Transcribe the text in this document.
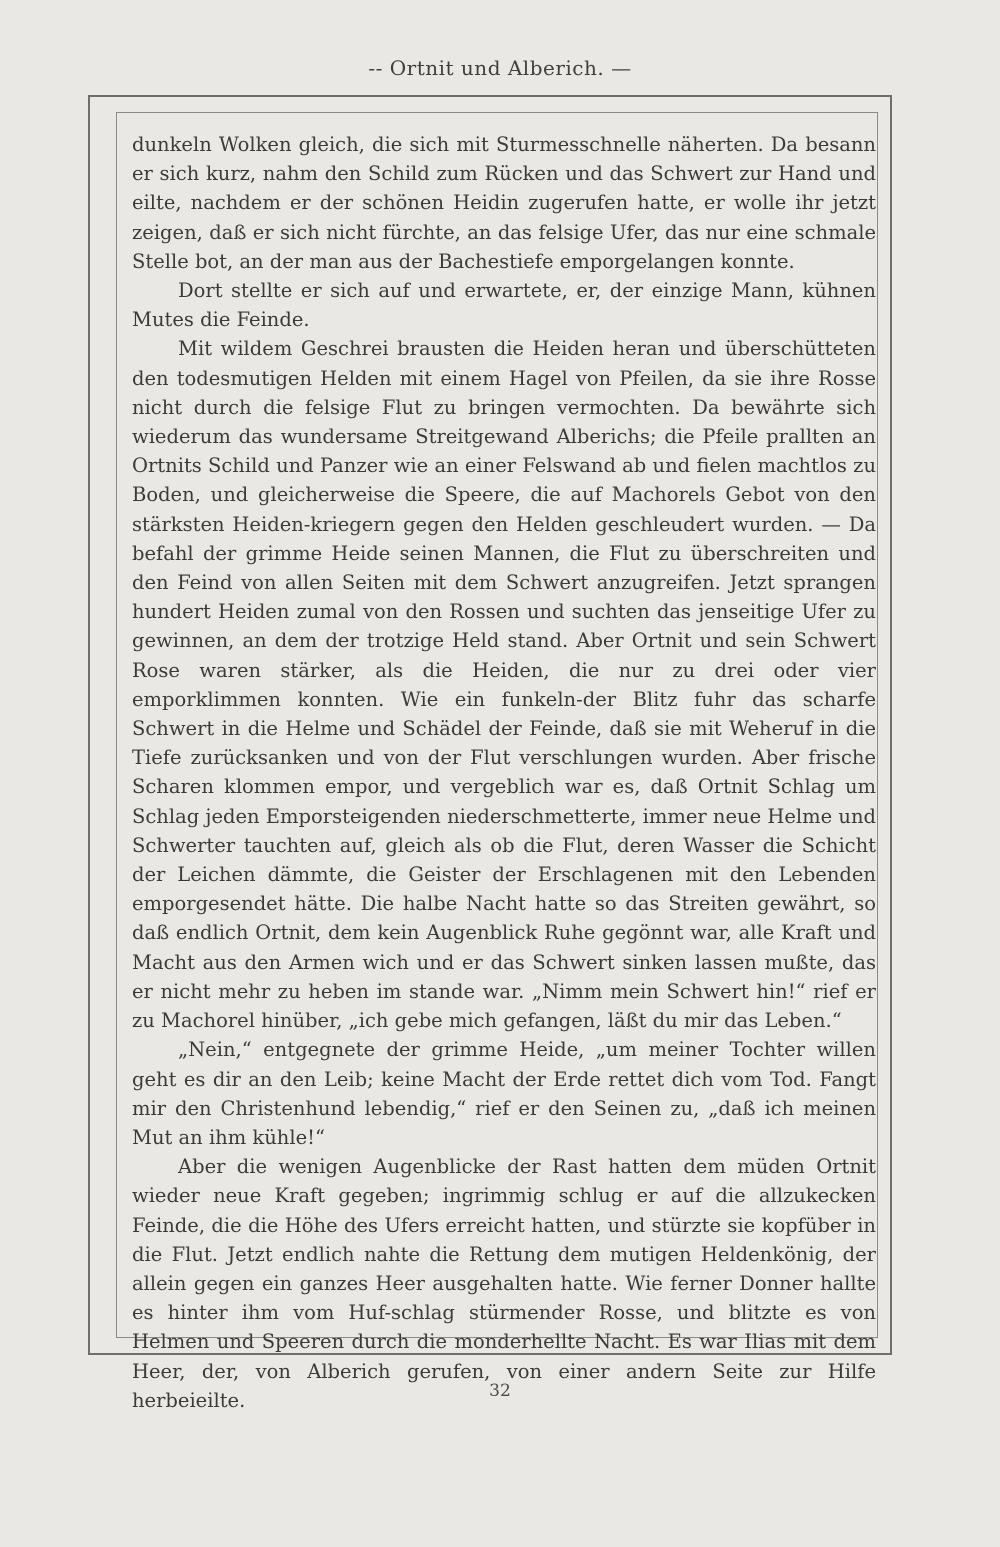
-- Ortnit und Alberich. —

dunkeln Wolken gleich, die sich mit Sturmesschnelle näherten. Da besann er sich kurz, nahm den Schild zum Rücken und das Schwert zur Hand und eilte, nachdem er der schönen Heidin zugerufen hatte, er wolle ihr jetzt zeigen, daß er sich nicht fürchte, an das felsige Ufer, das nur eine schmale Stelle bot, an der man aus der Bachestiefe emporgelangen konnte.

Dort stellte er sich auf und erwartete, er, der einzige Mann, kühnen Mutes die Feinde.

Mit wildem Geschrei brausten die Heiden heran und überschütteten den todesmutigen Helden mit einem Hagel von Pfeilen, da sie ihre Rosse nicht durch die felsige Flut zu bringen vermochten. Da bewährte sich wiederum das wundersame Streitgewand Alberichs; die Pfeile prallten an Ortnits Schild und Panzer wie an einer Felswand ab und fielen machtlos zu Boden, und gleicherweise die Speere, die auf Machorels Gebot von den stärksten Heiden-kriegern gegen den Helden geschleudert wurden. — Da befahl der grimme Heide seinen Mannen, die Flut zu überschreiten und den Feind von allen Seiten mit dem Schwert anzugreifen. Jetzt sprangen hundert Heiden zumal von den Rossen und suchten das jenseitige Ufer zu gewinnen, an dem der trotzige Held stand. Aber Ortnit und sein Schwert Rose waren stärker, als die Heiden, die nur zu drei oder vier emporklimmen konnten. Wie ein funkeln-der Blitz fuhr das scharfe Schwert in die Helme und Schädel der Feinde, daß sie mit Weheruf in die Tiefe zurücksanken und von der Flut verschlungen wurden. Aber frische Scharen klommen empor, und vergeblich war es, daß Ortnit Schlag um Schlag jeden Emporsteigenden niederschmetterte, immer neue Helme und Schwerter tauchten auf, gleich als ob die Flut, deren Wasser die Schicht der Leichen dämmte, die Geister der Erschlagenen mit den Lebenden emporgesendet hätte. Die halbe Nacht hatte so das Streiten gewährt, so daß endlich Ortnit, dem kein Augenblick Ruhe gegönnt war, alle Kraft und Macht aus den Armen wich und er das Schwert sinken lassen mußte, das er nicht mehr zu heben im stande war. „Nimm mein Schwert hin!“ rief er zu Machorel hinüber, „ich gebe mich gefangen, läßt du mir das Leben.“

„Nein,“ entgegnete der grimme Heide, „um meiner Tochter willen geht es dir an den Leib; keine Macht der Erde rettet dich vom Tod. Fangt mir den Christenhund lebendig,“ rief er den Seinen zu, „daß ich meinen Mut an ihm kühle!“

Aber die wenigen Augenblicke der Rast hatten dem müden Ortnit wieder neue Kraft gegeben; ingrimmig schlug er auf die allzukecken Feinde, die die Höhe des Ufers erreicht hatten, und stürzte sie kopfüber in die Flut. Jetzt endlich nahte die Rettung dem mutigen Heldenkönig, der allein gegen ein ganzes Heer ausgehalten hatte. Wie ferner Donner hallte es hinter ihm vom Huf-schlag stürmender Rosse, und blitzte es von Helmen und Speeren durch die monderhellte Nacht. Es war Ilias mit dem Heer, der, von Alberich gerufen, von einer andern Seite zur Hilfe herbeieilte.	32
